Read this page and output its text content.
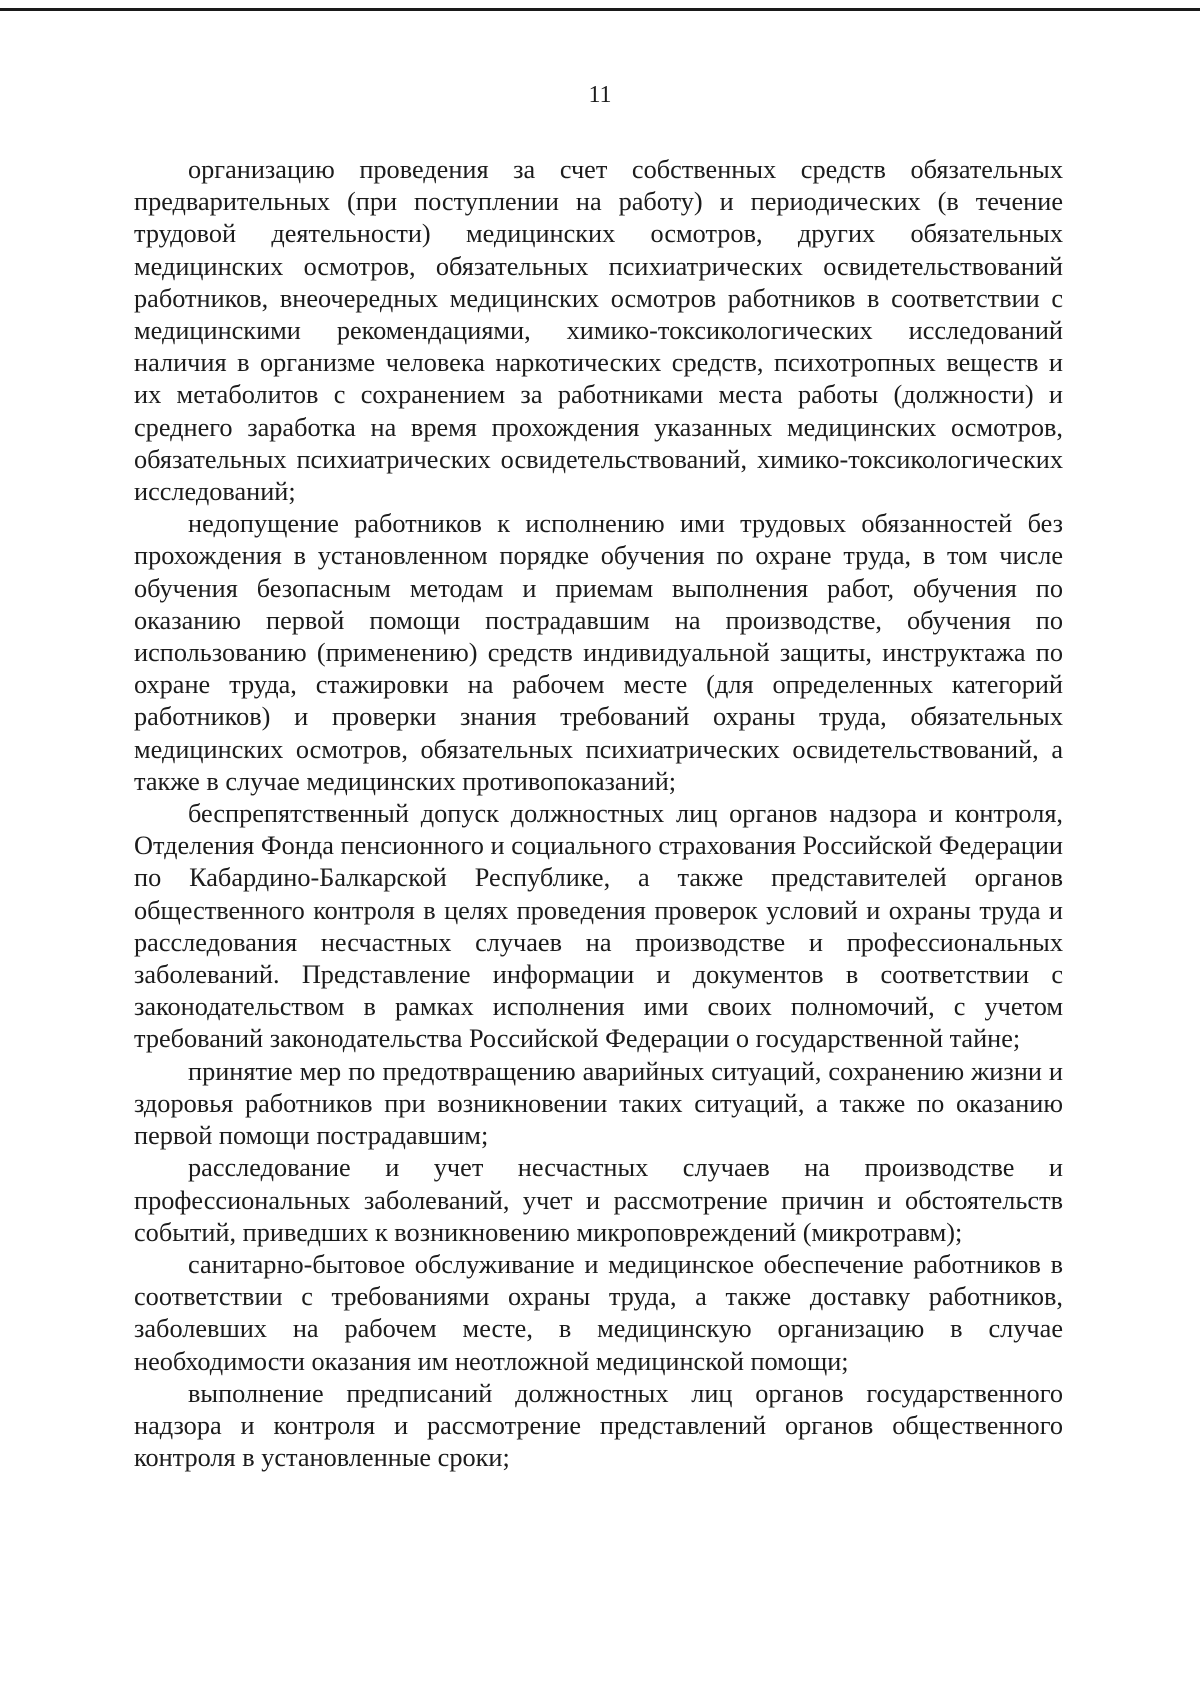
11

организацию проведения за счет собственных средств обязательных предварительных (при поступлении на работу) и периодических (в течение трудовой деятельности) медицинских осмотров, других обязательных медицинских осмотров, обязательных психиатрических освидетельствований работников, внеочередных медицинских осмотров работников в соответствии с медицинскими рекомендациями, химико-токсикологических исследований наличия в организме человека наркотических средств, психотропных веществ и их метаболитов с сохранением за работниками места работы (должности) и среднего заработка на время прохождения указанных медицинских осмотров, обязательных психиатрических освидетельствований, химико-токсикологических исследований;

недопущение работников к исполнению ими трудовых обязанностей без прохождения в установленном порядке обучения по охране труда, в том числе обучения безопасным методам и приемам выполнения работ, обучения по оказанию первой помощи пострадавшим на производстве, обучения по использованию (применению) средств индивидуальной защиты, инструктажа по охране труда, стажировки на рабочем месте (для определенных категорий работников) и проверки знания требований охраны труда, обязательных медицинских осмотров, обязательных психиатрических освидетельствований, а также в случае медицинских противопоказаний;

беспрепятственный допуск должностных лиц органов надзора и контроля, Отделения Фонда пенсионного и социального страхования Российской Федерации по Кабардино-Балкарской Республике, а также представителей органов общественного контроля в целях проведения проверок условий и охраны труда и расследования несчастных случаев на производстве и профессиональных заболеваний. Представление информации и документов в соответствии с законодательством в рамках исполнения ими своих полномочий, с учетом требований законодательства Российской Федерации о государственной тайне;

принятие мер по предотвращению аварийных ситуаций, сохранению жизни и здоровья работников при возникновении таких ситуаций, а также по оказанию первой помощи пострадавшим;

расследование и учет несчастных случаев на производстве и профессиональных заболеваний, учет и рассмотрение причин и обстоятельств событий, приведших к возникновению микроповреждений (микротравм);

санитарно-бытовое обслуживание и медицинское обеспечение работников в соответствии с требованиями охраны труда, а также доставку работников, заболевших на рабочем месте, в медицинскую организацию в случае необходимости оказания им неотложной медицинской помощи;

выполнение предписаний должностных лиц органов государственного надзора и контроля и рассмотрение представлений органов общественного контроля в установленные сроки;
